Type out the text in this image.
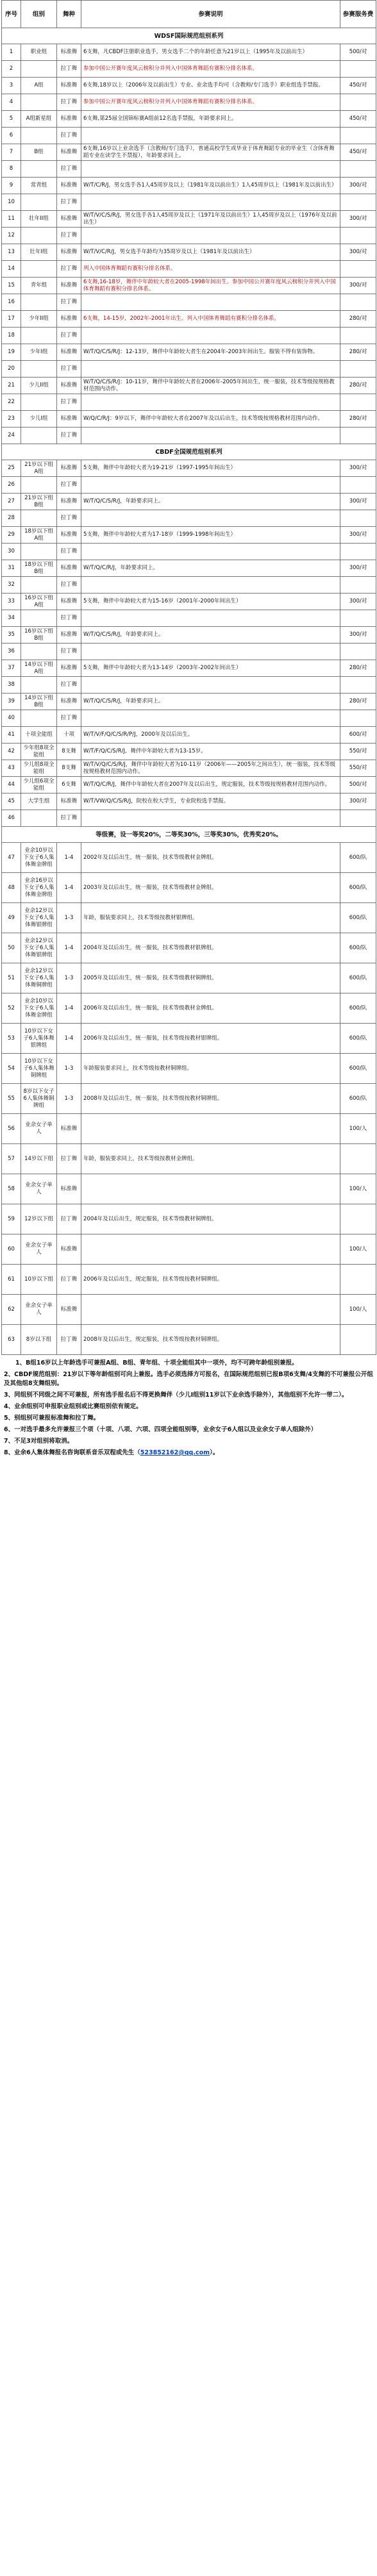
序号	组别	舞种	参赛说明	参赛服务费
WDSF国际规范组别系列				
1	职业组	标准舞	6支舞，凡CBDF注册职业选手，男女选手二个的年龄任意为21岁以上（1995年及以前出生）	500/对
2		拉丁舞	参加中国公开赛年度风云榜积分并列入中国体育舞蹈有赛积分排名体系。	
3	A组	标准舞	6支舞,18岁以上（2006年及以前出生）专业、业余选手均可（含教师/专门选手）职业组选手禁报。	450/对
4		拉丁舞	参加中国公开赛年度风云榜积分并列入中国体育舞蹈有赛积分排名体系。	
5	A组新星组	标准舞	6支舞,第25届全国锦标赛A组前12名选手禁报，年龄要求同上。	450/对
6		拉丁舞		
7	B组	标准舞	6支舞,16岁以上业余选手（含教师/专门选手），普通高校学生或毕业于体育舞蹈专业的毕业生（含体育舞蹈专业在读学生不禁报），年龄要求同上。	450/对
8		拉丁舞		
9	常青组	标准舞	W/T/C/R/J，男女选手各1人45周岁及以上（1981年及以前出生）1人45周岁以上（1981年及以前出生）	300/对
10		拉丁舞		
11	壮年II组	标准舞	W/T/V/C/S/R/J，男女选手各1人45周岁及以上（1971年及以前出生）1人45周岁及以上（1976年及以前出生）	300/对
12		拉丁舞		
13	壮年I组	标准舞	W/T/V/C/R/J，男女选手年龄均为35周岁及以上（1981年及以前出生）	300/对
14		拉丁舞	列入中国体育舞蹈有赛积分排名体系。	
15	青年组	标准舞	6支舞,16-18岁，舞伴中年龄较大者在2005-1998年间出生。参加中国公开赛年度风云榜积分并列入中国体育舞蹈有赛积分排名体系。	300/对
16		拉丁舞		
17	少年II组	标准舞	6支舞，14-15岁，2002年-2001年出生。列入中国体育舞蹈有赛积分排名体系。	280/对
18		拉丁舞		
19	少年I组	标准舞	W/T/Q/C/S/R/J：12-13岁，舞伴中年龄较大者生在2004年-2003年间出生。服装不得有装饰物。	280/对
20		拉丁舞		
21	少儿II组	标准舞	W/T/Q/C/S/R/J：10-11岁，舞伴中年龄较大者在2006年-2005年间出生，统一服装，技术等级按规格教材范围内动作。	280/对
22		拉丁舞		
23	少儿I组	标准舞	W/Q/C/R/J：9岁以下，舞伴中年龄较大者在2007年及以后出生，技术等级按规格教材范围内动作。	280/对
24		拉丁舞		
CBDF全国规范组别系列				
25	21岁以下组A组	标准舞	5支舞，舞伴中年龄较大者为19-21岁（1997-1995年间出生）	300/对
26		拉丁舞		
27	21岁以下组B组	标准舞	W/T/Q/C/S/R/J，年龄要求同上。	300/对
28		拉丁舞		
29	18岁以下组A组	标准舞	5支舞，舞伴中年龄较大者为17-18岁（1999-1998年间出生）	300/对
30		拉丁舞		
31	18岁以下组B组	标准舞	W/T/Q/C/R/J，年龄要求同上。	300/对
32		拉丁舞		
33	16岁以下组A组	标准舞	5支舞，舞伴中年龄较大者为15-16岁（2001年-2000年间出生）	300/对
34		拉丁舞		
35	16岁以下组B组	标准舞	W/T/Q/C/S/R/J，年龄要求同上。	300/对
36		拉丁舞		
37	14岁以下组A组	标准舞	5支舞，舞伴中年龄较大者为13-14岁（2003年-2002年间出生）	280/对
38		拉丁舞		
39	14岁以下组B组	标准舞	W/T/Q/C/S/R/J，年龄要求同上。	280/对
40		拉丁舞		
41	十项全能组	十项	W/T/V/F/Q/C/S/R/P/J，2000年及以后出生。	600/对
42	少年组8项全能组	8支舞	W/T/F/Q/C/S/R/J，舞伴中年龄较大者为13-15岁。	550/对
43	少儿组8项全能组	8支舞	W/T/V/Q/C/S/R/J，舞伴中年龄较大者为10-11岁（2006年——2005年之间出生），统一服装，技术等级按规格教材范围内动作。	550/对
44	少儿组6项全能组	6支舞	W/T/Q/C/R/J，舞伴中年龄较大者在2007年及以后出生，规定服装，技术等级按规格教材范围内动作。	500/对
45	大学生组	标准舞	W/T/VW/Q/C/S/R/J，院校在校大学生，专业院校选手禁报。	300/对
46		拉丁舞		
等级赛，设一等奖20%，二等奖30%，三等奖30%，优秀奖20%。				
47	业余10岁以下女子6人集体舞金牌组	1-4	2002年及以后出生，统一服装，技术等级教材金牌组。	600/队
48	业余16岁以下女子6人集体舞金牌组	1-4	2003年及以后出生，统一服装，技术等级教材金牌组。	600/队
49	业余12岁以下女子6人集体舞银牌组	1-3	年龄，服装要求同上，技术等级按教材银牌组。	600/队
50	业余12岁以下女子6人集体舞银牌组	1-4	2004年及以后出生，统一服装，技术等级教材银牌组。	600/队
51	业余12岁以下女子6人集体舞铜牌组	1-3	2005年及以后出生，统一服装，技术等级教材铜牌组。	600/队
52	业余10岁以下女子6人集体舞金牌组	1-4	2006年及以后出生，统一服装，技术等级教材金牌组。	600/队
53	10岁以下女子6人集体舞银牌组	1-4	2006年及以后出生，统一服装，技术等级按教材银牌组。	600/队
54	10岁以下女子6人集体舞铜牌组	1-3	年龄服装要求同上，技术等级按教材铜牌组。	600/队
55	8岁以下女子6人集体舞铜牌组	1-3	2008年及以后出生，统一服装，技术等级按教材铜牌组。	600/队
56	业余女子单人	标准舞		100/人
57	14岁以下组	拉丁舞	年龄，服装要求同上，技术等级按教材金牌组。	
58	业余女子单人	标准舞		100/人
59	12岁以下组	拉丁舞	2004年及以后出生，规定服装，技术等级教材铜牌组。	
60	业余女子单人	标准舞		100/人
61	10岁以下组	拉丁舞	2006年及以后出生，规定服装，技术等级按教材铜牌组。	
62	业余女子单人	标准舞		100/人
63	8岁以下组	拉丁舞	2008年及以后出生，规定服装，技术等级按教材铜牌组。	

1、B组16岁以上年龄选手可兼报A组、B组、青年组、十项全能组其中一项外，均不可跨年龄组别兼报。

2、CBDF规范组别：21岁以下等年龄组别可向上兼报。选手必须选择方可报名，在国际规范组别已报B项6支舞/4支舞的不可兼报公开组及其他组8支舞组别。

3、同组别不同级之间不可兼报，所有选手报名后不得更换舞伴（少儿I组别11岁以下业余选手除外），其他组别不允许一带二）。

4、业余组别可申报职业组别或比赛组别依有规定。

5、别组别可兼报标准舞和拉丁舞。

6、一对选手最多允许兼报三个项（十项、八项、六项、四项全能组别等，业余女子6人组以及业余女子单人组除外）

7、不足3对组别将取消。

8、业余6人集体舞报名咨询联系音乐双程或先生（523852162@qq.com）。
